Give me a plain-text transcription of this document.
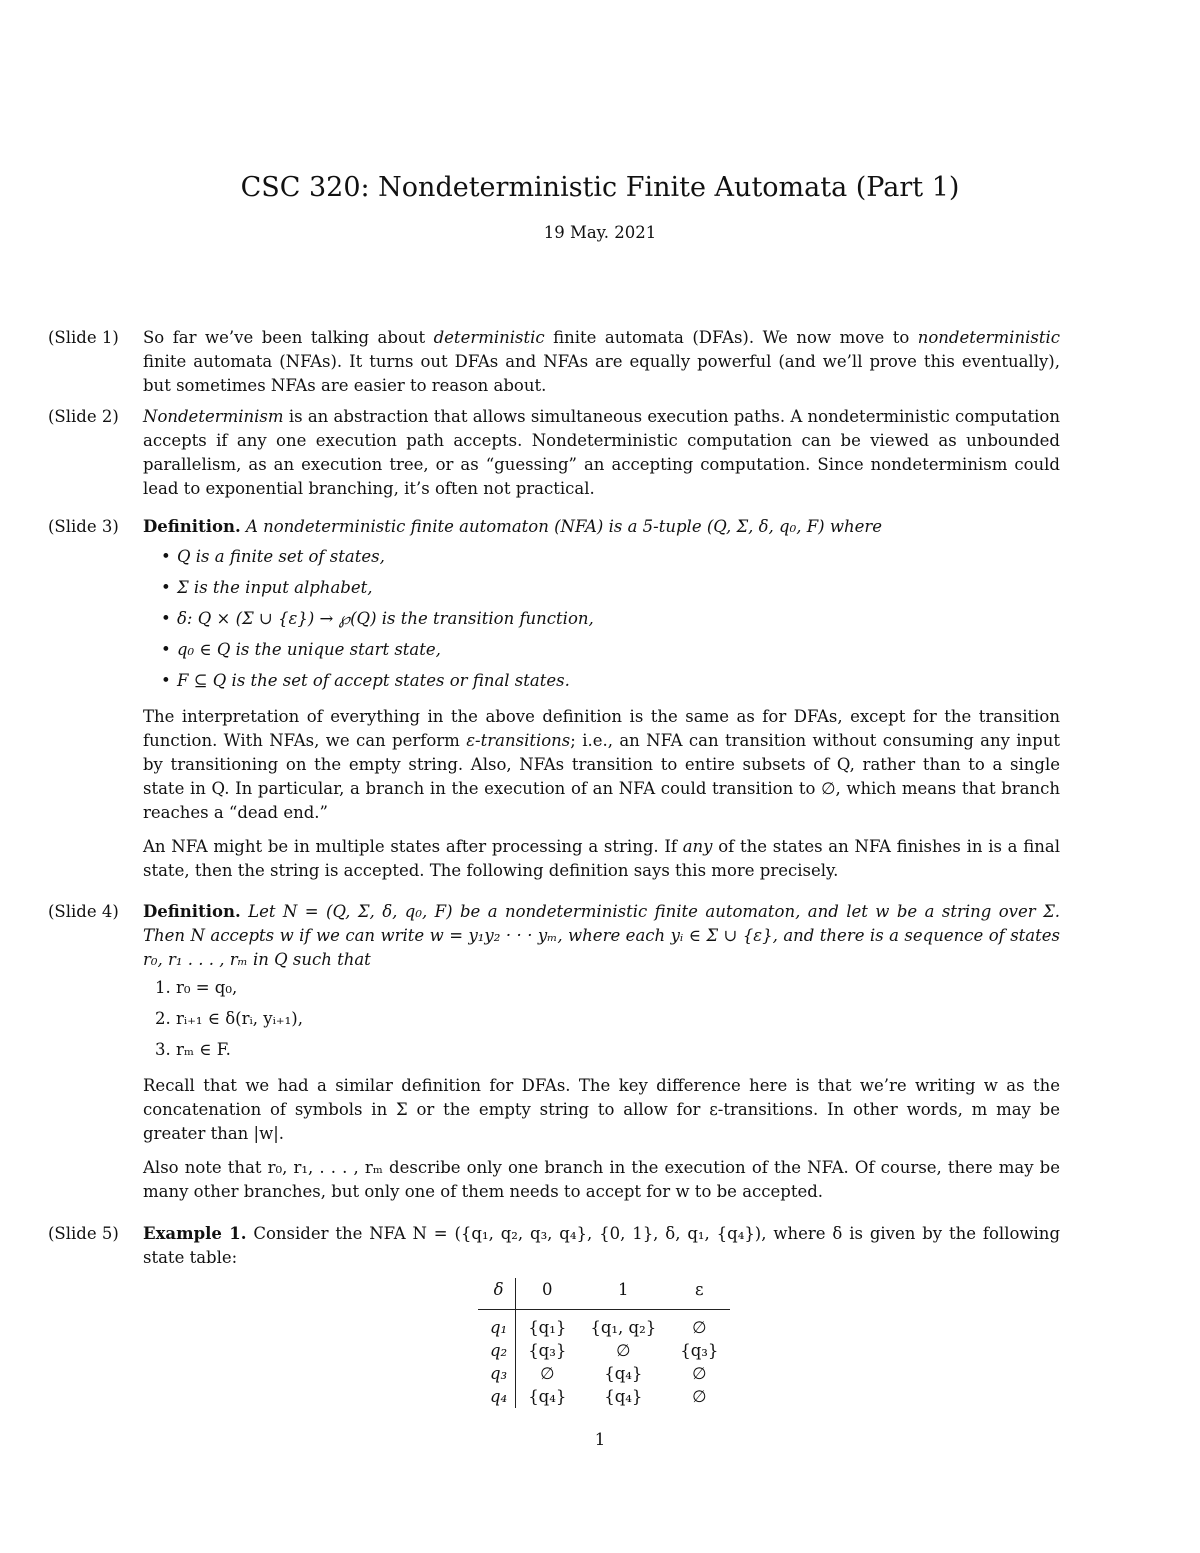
CSC 320: Nondeterministic Finite Automata (Part 1)
19 May. 2021
(Slide 1)	So far we’ve been talking about deterministic finite automata (DFAs). We now move to nondeterministic finite automata (NFAs). It turns out DFAs and NFAs are equally powerful (and we’ll prove this eventually), but sometimes NFAs are easier to reason about.

(Slide 2)	Nondeterminism is an abstraction that allows simultaneous execution paths. A nondeterministic computation accepts if any one execution path accepts. Nondeterministic computation can be viewed as unbounded parallelism, as an execution tree, or as “guessing” an accepting computation. Since nondeterminism could lead to exponential branching, it’s often not practical.

(Slide 3)	Definition. A nondeterministic finite automaton (NFA) is a 5-tuple (Q, Σ, δ, q₀, F) where

• Q is a finite set of states,
• Σ is the input alphabet,
• δ: Q × (Σ ∪ {ε}) → ℘(Q) is the transition function,
• q₀ ∈ Q is the unique start state,
• F ⊆ Q is the set of accept states or final states.

The interpretation of everything in the above definition is the same as for DFAs, except for the transition function. With NFAs, we can perform ε-transitions; i.e., an NFA can transition without consuming any input by transitioning on the empty string. Also, NFAs transition to entire subsets of Q, rather than to a single state in Q. In particular, a branch in the execution of an NFA could transition to ∅, which means that branch reaches a “dead end.”

An NFA might be in multiple states after processing a string. If any of the states an NFA finishes in is a final state, then the string is accepted. The following definition says this more precisely.

(Slide 4)	Definition. Let N = (Q, Σ, δ, q₀, F) be a nondeterministic finite automaton, and let w be a string over Σ. Then N accepts w if we can write w = y₁y₂ · · · yₘ, where each yᵢ ∈ Σ ∪ {ε}, and there is a sequence of states r₀, r₁ . . . , rₘ in Q such that

1. r₀ = q₀,
2. rᵢ₊₁ ∈ δ(rᵢ, yᵢ₊₁),
3. rₘ ∈ F.

Recall that we had a similar definition for DFAs. The key difference here is that we’re writing w as the concatenation of symbols in Σ or the empty string to allow for ε-transitions. In other words, m may be greater than |w|.

Also note that r₀, r₁, . . . , rₘ describe only one branch in the execution of the NFA. Of course, there may be many other branches, but only one of them needs to accept for w to be accepted.

(Slide 5)	Example 1. Consider the NFA N = ({q₁, q₂, q₃, q₄}, {0, 1}, δ, q₁, {q₄}), where δ is given by the following state table:

δ	0	1	ε
q₁	{q₁}	{q₁, q₂}	∅
q₂	{q₃}	∅	{q₃}
q₃	∅	{q₄}	∅
q₄	{q₄}	{q₄}	∅
1
